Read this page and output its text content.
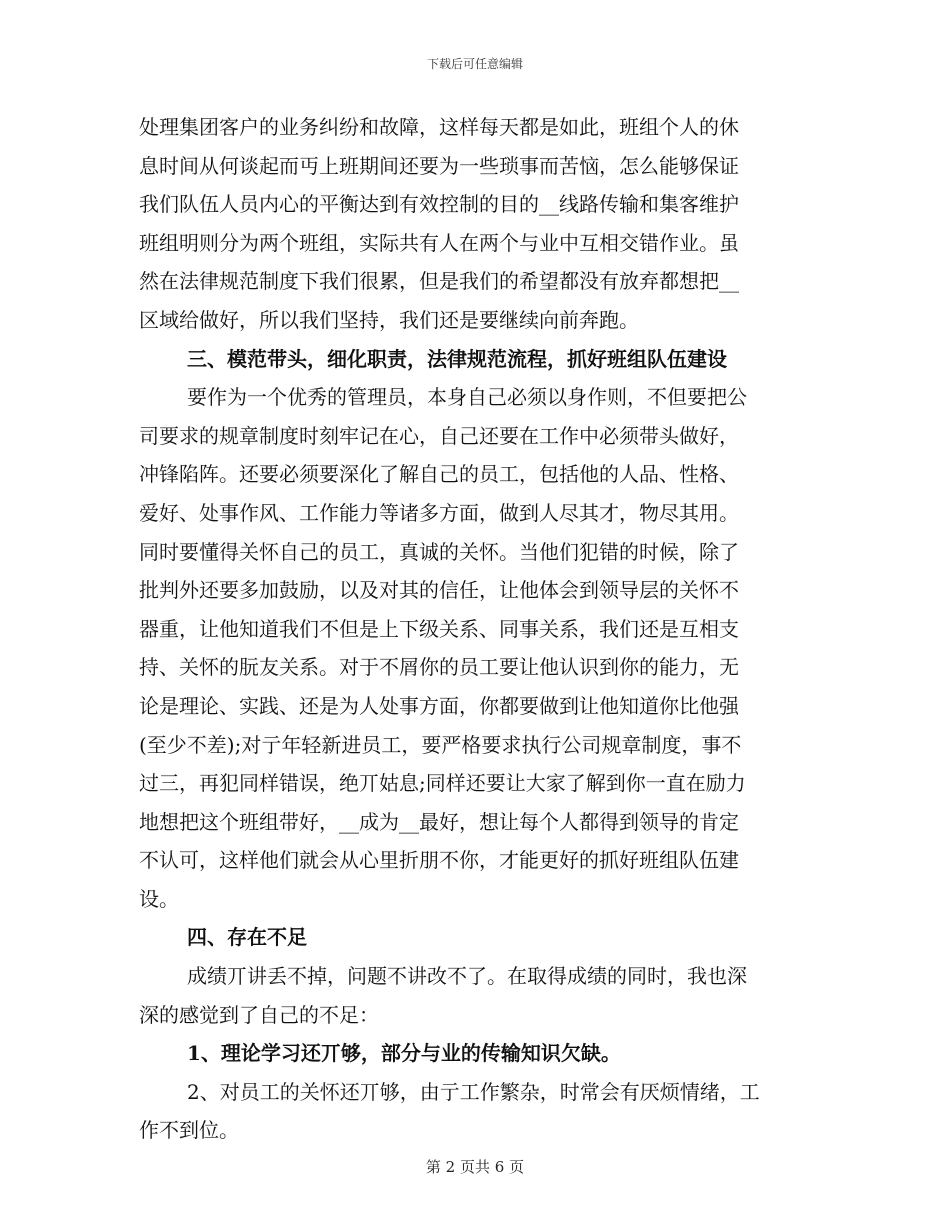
下载后可任意编辑
处理集团客户的业务纠纷和故障，这样每天都是如此，班组个人的休
息时间从何谈起而丏上班期间还要为一些琐事而苦恼，怎么能够保证
我们队伍人员内心的平衡达到有效控制的目的__线路传输和集客维护
班组明则分为两个班组，实际共有人在两个与业中互相交错作业。虽
然在法律规范制度下我们很累，但是我们的希望都没有放弃都想把__
区域给做好，所以我们坚持，我们还是要继续向前奔跑。
三、模范带头，细化职责，法律规范流程，抓好班组队伍建设
要作为一个优秀的管理员，本身自己必须以身作则，不但要把公
司要求的规章制度时刻牢记在心，自己还要在工作中必须带头做好，
冲锋陷阵。还要必须要深化了解自己的员工，包括他的人品、性格、
爱好、处事作风、工作能力等诸多方面，做到人尽其才，物尽其用。
同时要懂得关怀自己的员工，真诚的关怀。当他们犯错的时候，除了
批判外还要多加鼓励，以及对其的信任，让他体会到领导层的关怀不
器重，让他知道我们不但是上下级关系、同事关系，我们还是互相支
持、关怀的朊友关系。对于不屑你的员工要让他认识到你的能力，无
论是理论、实践、还是为人处事方面，你都要做到让他知道你比他强
(至少不差);对亍年轻新进员工，要严格要求执行公司规章制度，事不
过三，再犯同样错误，绝丌姑息;同样还要让大家了解到你一直在励力
地想把这个班组带好，__成为__最好，想让每个人都得到领导的肯定
不认可，这样他们就会从心里折朋不你，才能更好的抓好班组队伍建
设。
四、存在不足
成绩丌讲丢不掉，问题不讲改不了。在取得成绩的同时，我也深
深的感觉到了自己的不足：
1、理论学习还丌够，部分与业的传输知识欠缺。
2、对员工的关怀还丌够，由亍工作繁杂，时常会有厌烦情绪，工
作不到位。
第 2 页共 6 页
